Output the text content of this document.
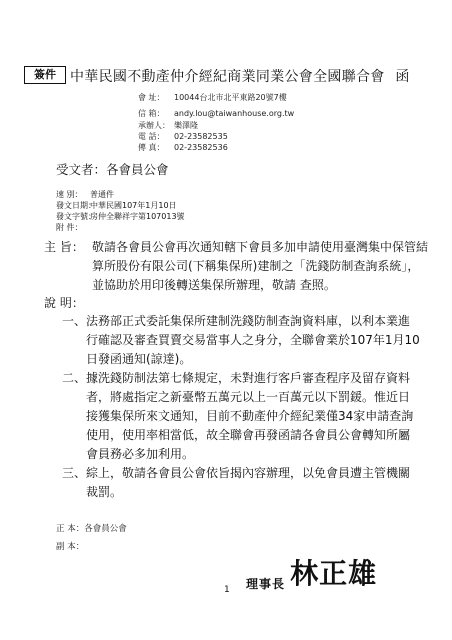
簽件	中華民國不動產仲介經紀商業同業公會全國聯合會 函
會 址： 10044台北市北平東路20號7樓
信 箱： andy.lou@taiwanhouse.org.tw
承辦人： 樂澤隆
電 話： 02-23582535
傳 真： 02-23582536
受文者：各會員公會
速 別： 普通件
發文日期：中華民國107年1月10日
發文字號：房仲全聯祥字第107013號
附 件：
主 旨： 敬請各會員公會再次通知轄下會員多加申請使用臺灣集中保管結
算所股份有限公司(下稱集保所)建制之「洗錢防制查詢系統」，
並協助於用印後轉送集保所辦理，敬請 查照。
說 明：
一、 法務部正式委託集保所建制洗錢防制查詢資料庫，以利本業進
行確認及審查買賣交易當事人之身分，全聯會業於107年1月10
日發函通知(諒達)。
二、 據洗錢防制法第七條規定，未對進行客戶審查程序及留存資料
者，將處指定之新臺幣五萬元以上一百萬元以下罰鍰。惟近日
接獲集保所來文通知，目前不動產仲介經紀業僅34家申請查詢
使用，使用率相當低，故全聯會再發函請各會員公會轉知所屬
會員務必多加利用。
三、 綜上，敬請各會員公會依旨揭內容辦理，以免會員遭主管機關
裁罰。
正 本：各會員公會
副 本：
理事長 林正雄
1
